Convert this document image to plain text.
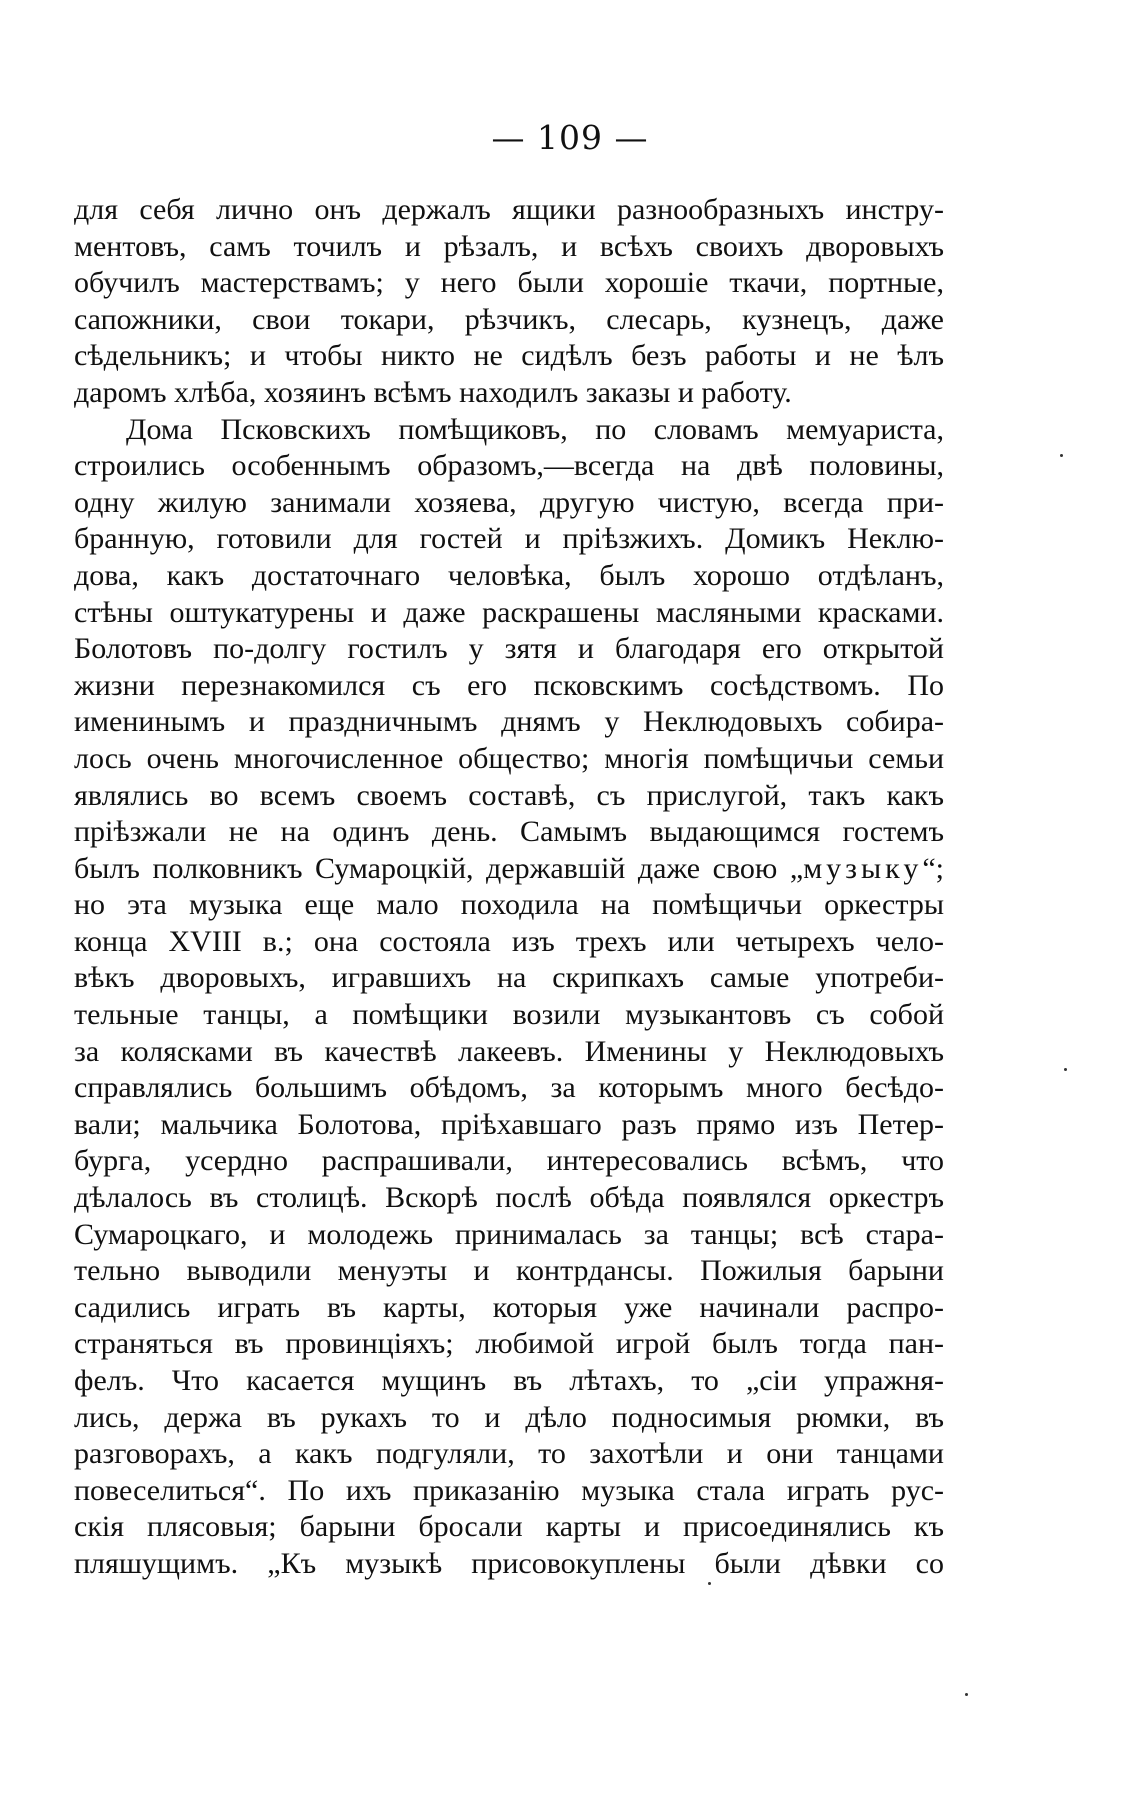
— 109 —
для себя лично онъ держалъ ящики разнообразныхъ инстру-
ментовъ, самъ точилъ и рѣзалъ, и всѣхъ своихъ дворовыхъ
обучилъ мастерствамъ; у него были хорошіе ткачи, портные,
сапожники, свои токари, рѣзчикъ, слесарь, кузнецъ, даже
сѣдельникъ; и чтобы никто не сидѣлъ безъ работы и не ѣлъ
даромъ хлѣба, хозяинъ всѣмъ находилъ заказы и работу.
Дома Псковскихъ помѣщиковъ, по словамъ мемуариста,
строились особеннымъ образомъ,—всегда на двѣ половины,
одну жилую занимали хозяева, другую чистую, всегда при-
бранную, готовили для гостей и пріѣзжихъ. Домикъ Неклю-
дова, какъ достаточнаго человѣка, былъ хорошо отдѣланъ,
стѣны оштукатурены и даже раскрашены масляными красками.
Болотовъ по-долгу гостилъ у зятя и благодаря его открытой
жизни перезнакомился съ его псковскимъ сосѣдствомъ. По
именинымъ и праздничнымъ днямъ у Неклюдовыхъ собира-
лось очень многочисленное общество; многія помѣщичьи семьи
являлись во всемъ своемъ составѣ, съ прислугой, такъ какъ
пріѣзжали не на одинъ день. Самымъ выдающимся гостемъ
былъ полковникъ Сумароцкій, державшій даже свою „музыку“;
но эта музыка еще мало походила на помѣщичьи оркестры
конца XVIII в.; она состояла изъ трехъ или четырехъ чело-
вѣкъ дворовыхъ, игравшихъ на скрипкахъ самые употреби-
тельные танцы, а помѣщики возили музыкантовъ съ собой
за колясками въ качествѣ лакеевъ. Именины у Неклюдовыхъ
справлялись большимъ обѣдомъ, за которымъ много бесѣдо-
вали; мальчика Болотова, пріѣхавшаго разъ прямо изъ Петер-
бурга, усердно распрашивали, интересовались всѣмъ, что
дѣлалось въ столицѣ. Вскорѣ послѣ обѣда появлялся оркестръ
Сумароцкаго, и молодежь принималась за танцы; всѣ стара-
тельно выводили менуэты и контрдансы. Пожилыя барыни
садились играть въ карты, которыя уже начинали распро-
страняться въ провинціяхъ; любимой игрой былъ тогда пан-
фелъ. Что касается мущинъ въ лѣтахъ, то „сіи упражня-
лись, держа въ рукахъ то и дѣло подносимыя рюмки, въ
разговорахъ, а какъ подгуляли, то захотѣли и они танцами
повеселиться“. По ихъ приказанію музыка стала играть рус-
скія плясовыя; барыни бросали карты и присоединялись къ
пляшущимъ. „Къ музыкѣ присовокуплены были дѣвки со
